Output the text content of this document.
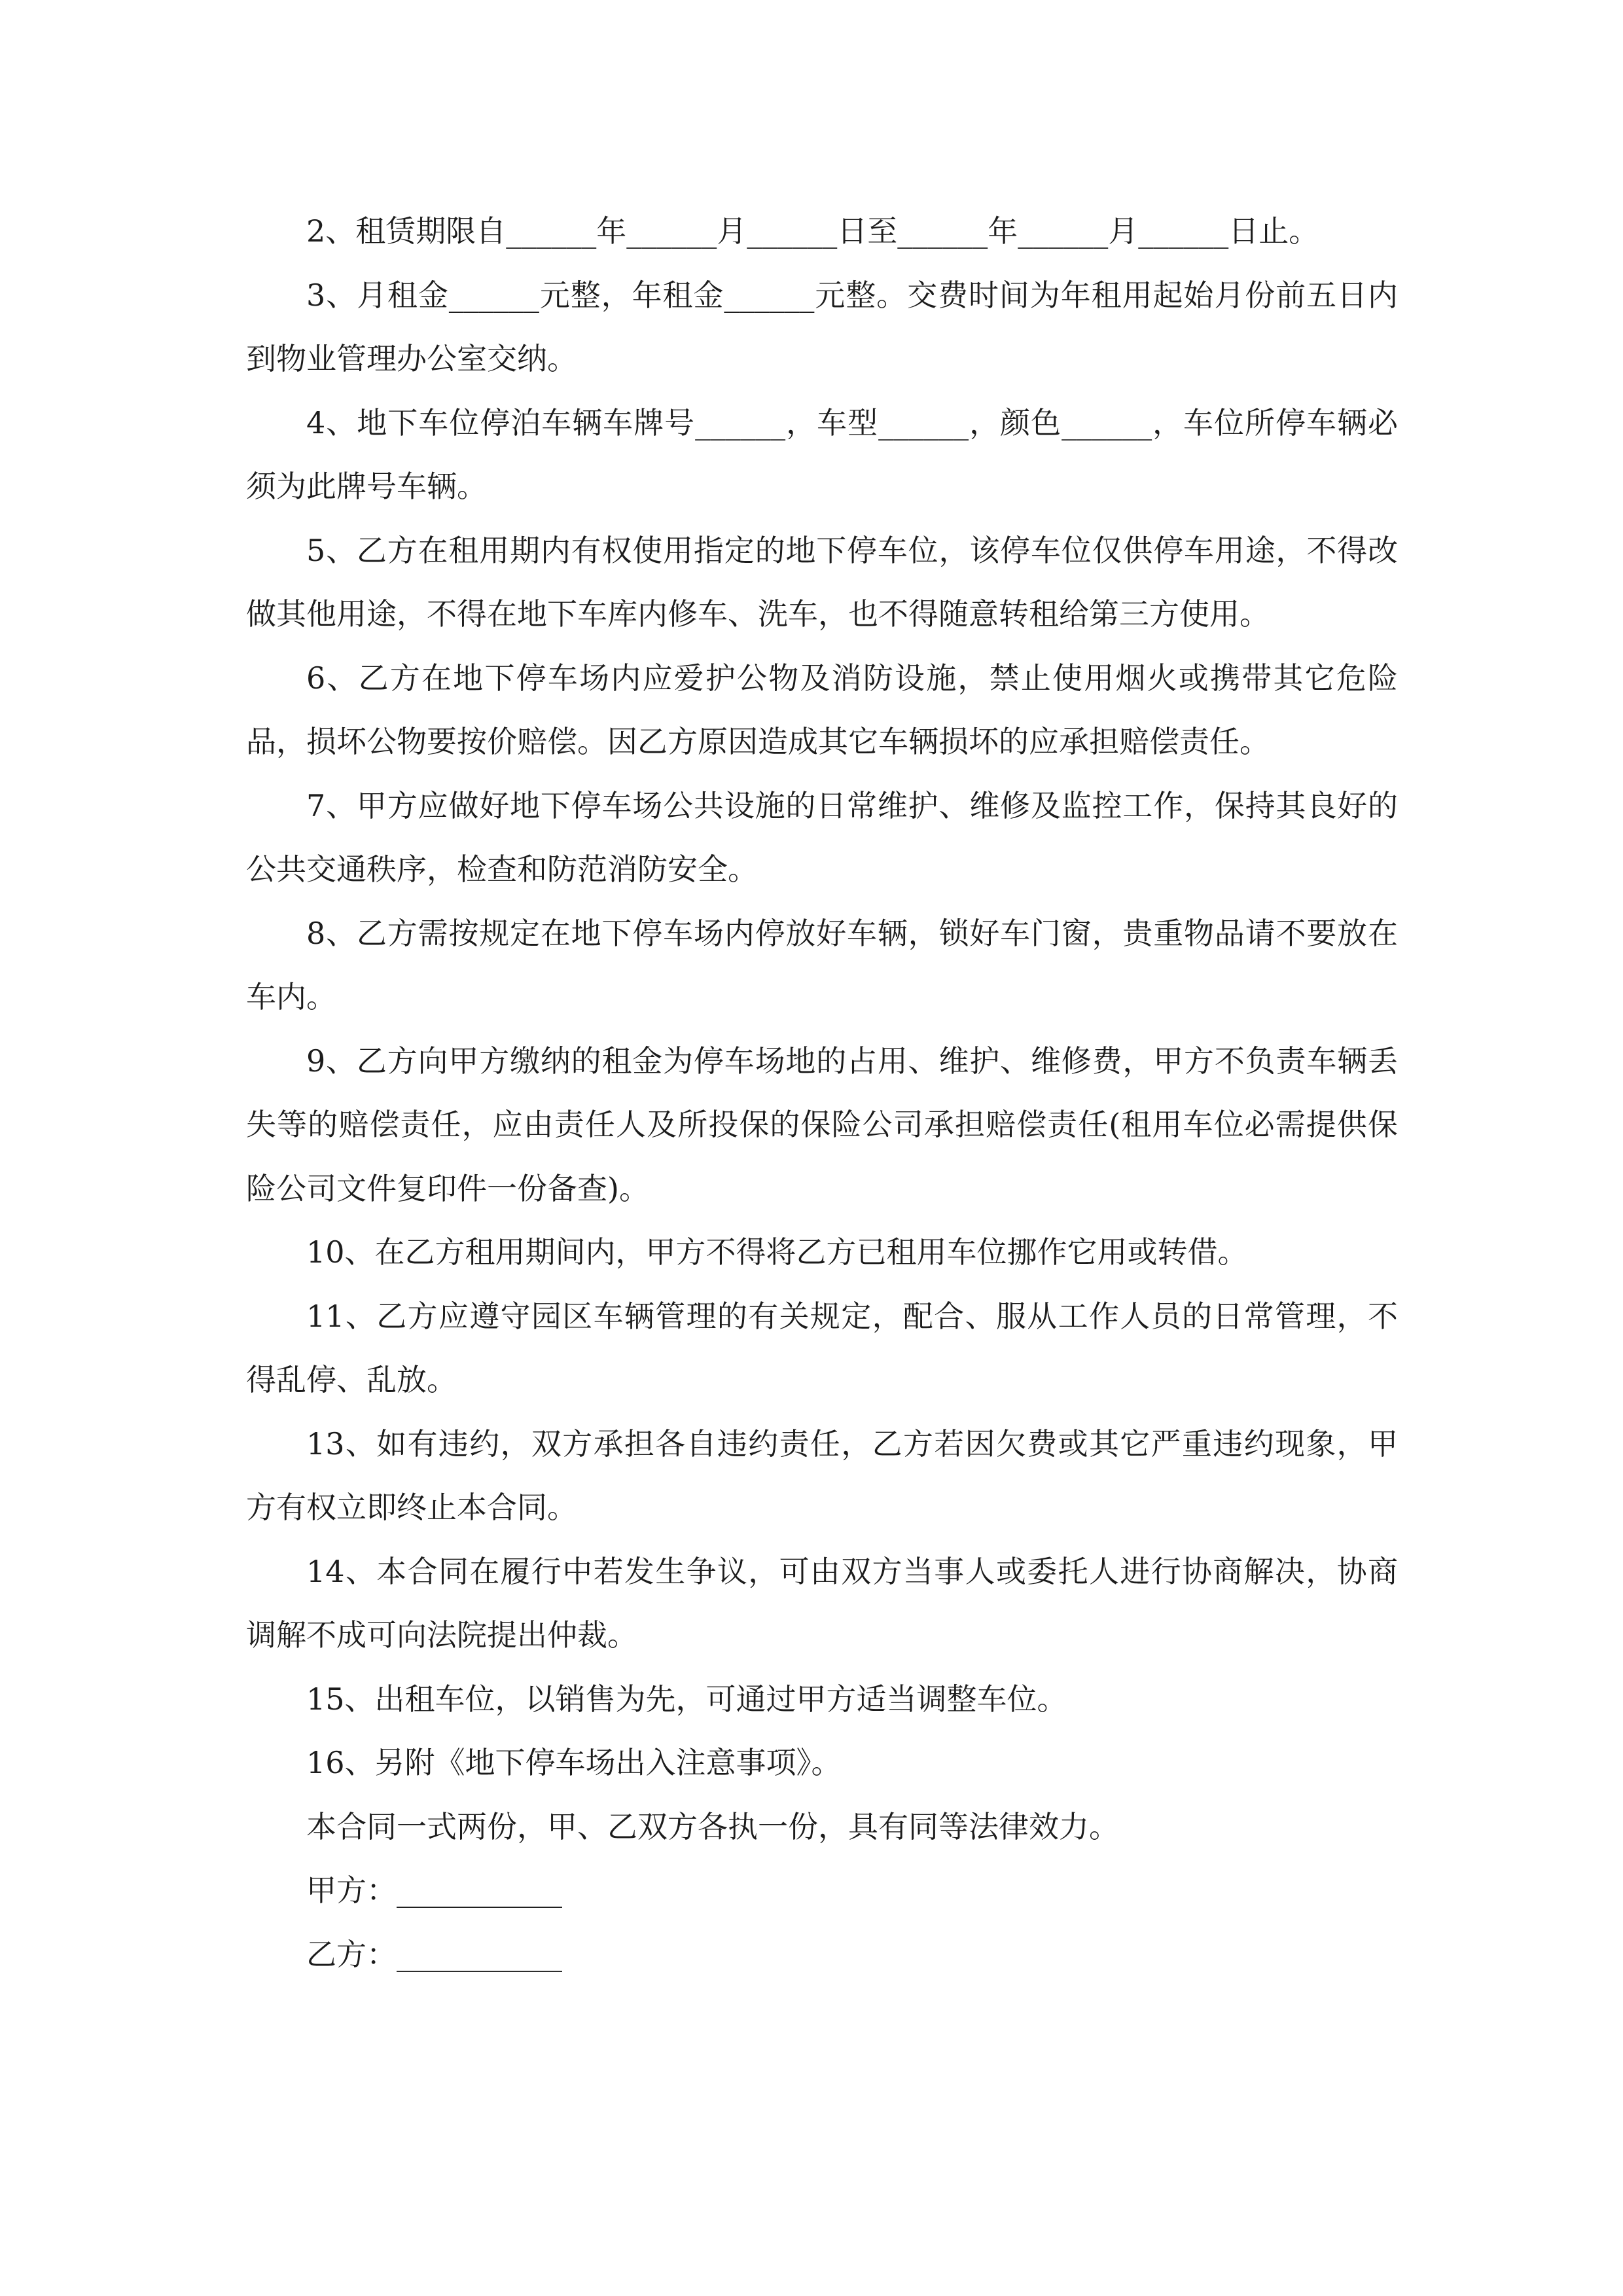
2、租赁期限自______年______月______日至______年______月______日止。

3、月租金______元整，年租金______元整。交费时间为年租用起始月份前五日内到物业管理办公室交纳。

4、地下车位停泊车辆车牌号______，车型______，颜色______，车位所停车辆必须为此牌号车辆。

5、乙方在租用期内有权使用指定的地下停车位，该停车位仅供停车用途，不得改做其他用途，不得在地下车库内修车、洗车，也不得随意转租给第三方使用。

6、乙方在地下停车场内应爱护公物及消防设施，禁止使用烟火或携带其它危险品，损坏公物要按价赔偿。因乙方原因造成其它车辆损坏的应承担赔偿责任。

7、甲方应做好地下停车场公共设施的日常维护、维修及监控工作，保持其良好的公共交通秩序，检查和防范消防安全。

8、乙方需按规定在地下停车场内停放好车辆，锁好车门窗，贵重物品请不要放在车内。

9、乙方向甲方缴纳的租金为停车场地的占用、维护、维修费，甲方不负责车辆丢失等的赔偿责任，应由责任人及所投保的保险公司承担赔偿责任(租用车位必需提供保险公司文件复印件一份备查)。

10、在乙方租用期间内，甲方不得将乙方已租用车位挪作它用或转借。

11、乙方应遵守园区车辆管理的有关规定，配合、服从工作人员的日常管理，不得乱停、乱放。

13、如有违约，双方承担各自违约责任，乙方若因欠费或其它严重违约现象，甲方有权立即终止本合同。

14、本合同在履行中若发生争议，可由双方当事人或委托人进行协商解决，协商调解不成可向法院提出仲裁。

15、出租车位，以销售为先，可通过甲方适当调整车位。

16、另附《地下停车场出入注意事项》。

本合同一式两份，甲、乙双方各执一份，具有同等法律效力。

甲方：___________

乙方：___________
